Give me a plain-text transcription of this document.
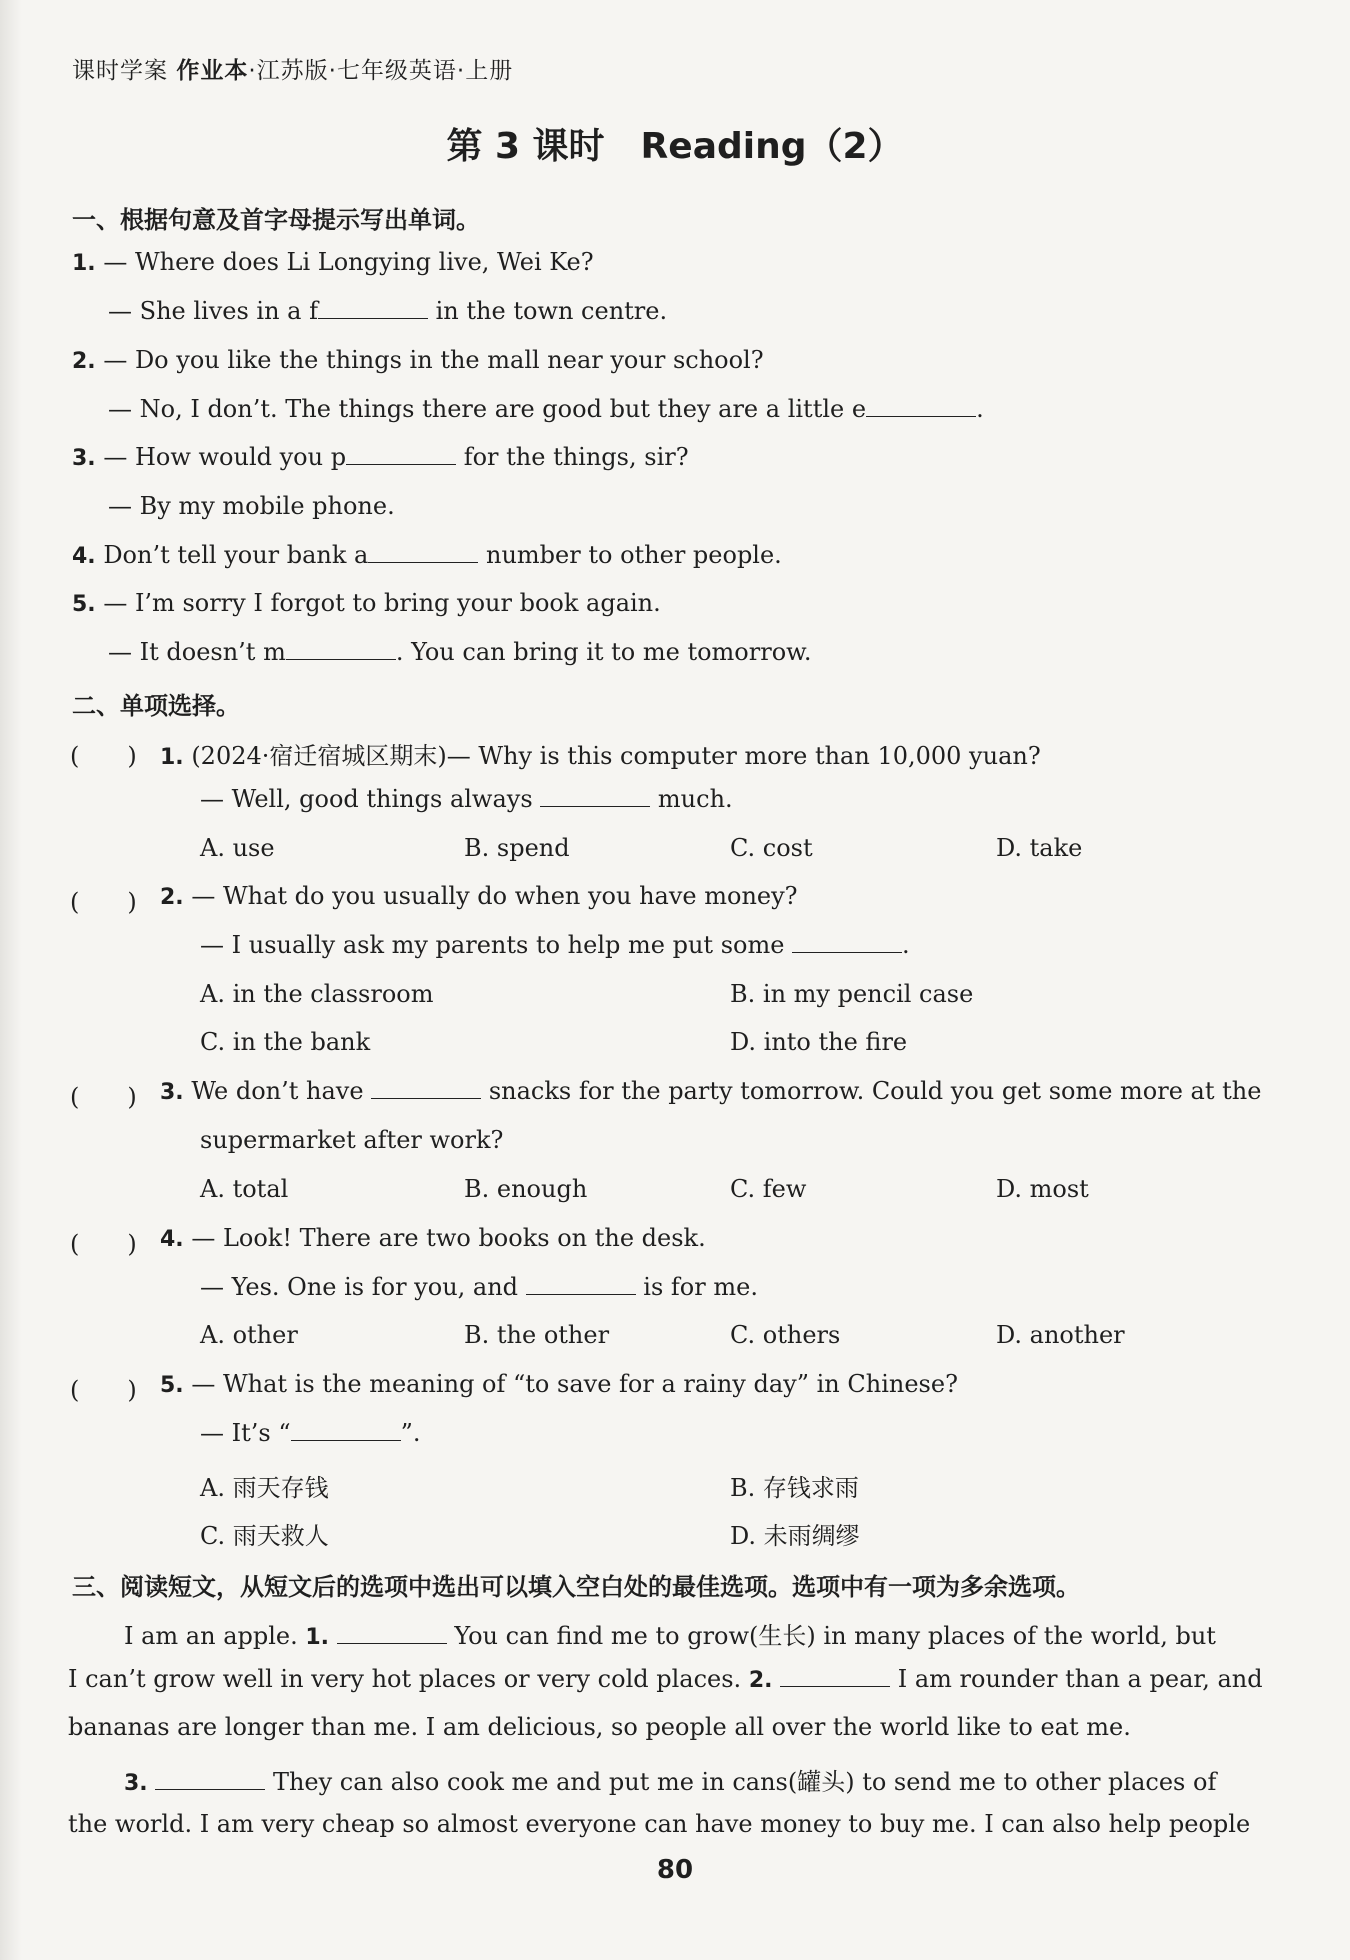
课时学案 作业本·江苏版·七年级英语·上册
第 3 课时　Reading（2）
一、根据句意及首字母提示写出单词。
1. — Where does Li Longying live, Wei Ke?
— She lives in a f	in the town centre.
2. — Do you like the things in the mall near your school?
— No, I don’t. The things there are good but they are a little e	.
3. — How would you p	for the things, sir?
— By my mobile phone.
4. Don’t tell your bank a	number to other people.
5. — I’m sorry I forgot to bring your book again.
— It doesn’t m	. You can bring it to me tomorrow.
二、单项选择。
(　　) 1. (2024·宿迁宿城区期末)— Why is this computer more than 10,000 yuan?
— Well, good things always	much.
A. use	B. spend	C. cost	D. take
(　　) 2. — What do you usually do when you have money?
— I usually ask my parents to help me put some	.
A. in the classroom	B. in my pencil case
C. in the bank	D. into the fire
(　　) 3. We don’t have	snacks for the party tomorrow. Could you get some more at the
supermarket after work?
A. total	B. enough	C. few	D. most
(　　) 4. — Look! There are two books on the desk.
— Yes. One is for you, and	is for me.
A. other	B. the other	C. others	D. another
(　　) 5. — What is the meaning of “to save for a rainy day” in Chinese?
— It’s “	”.
A. 雨天存钱	B. 存钱求雨
C. 雨天救人	D. 未雨绸缪
三、阅读短文，从短文后的选项中选出可以填入空白处的最佳选项。选项中有一项为多余选项。
I am an apple. 1.	You can find me to grow(生长) in many places of the world, but
I can’t grow well in very hot places or very cold places. 2.	I am rounder than a pear, and
bananas are longer than me. I am delicious, so people all over the world like to eat me.
3.	They can also cook me and put me in cans(罐头) to send me to other places of
the world. I am very cheap so almost everyone can have money to buy me. I can also help people
80
